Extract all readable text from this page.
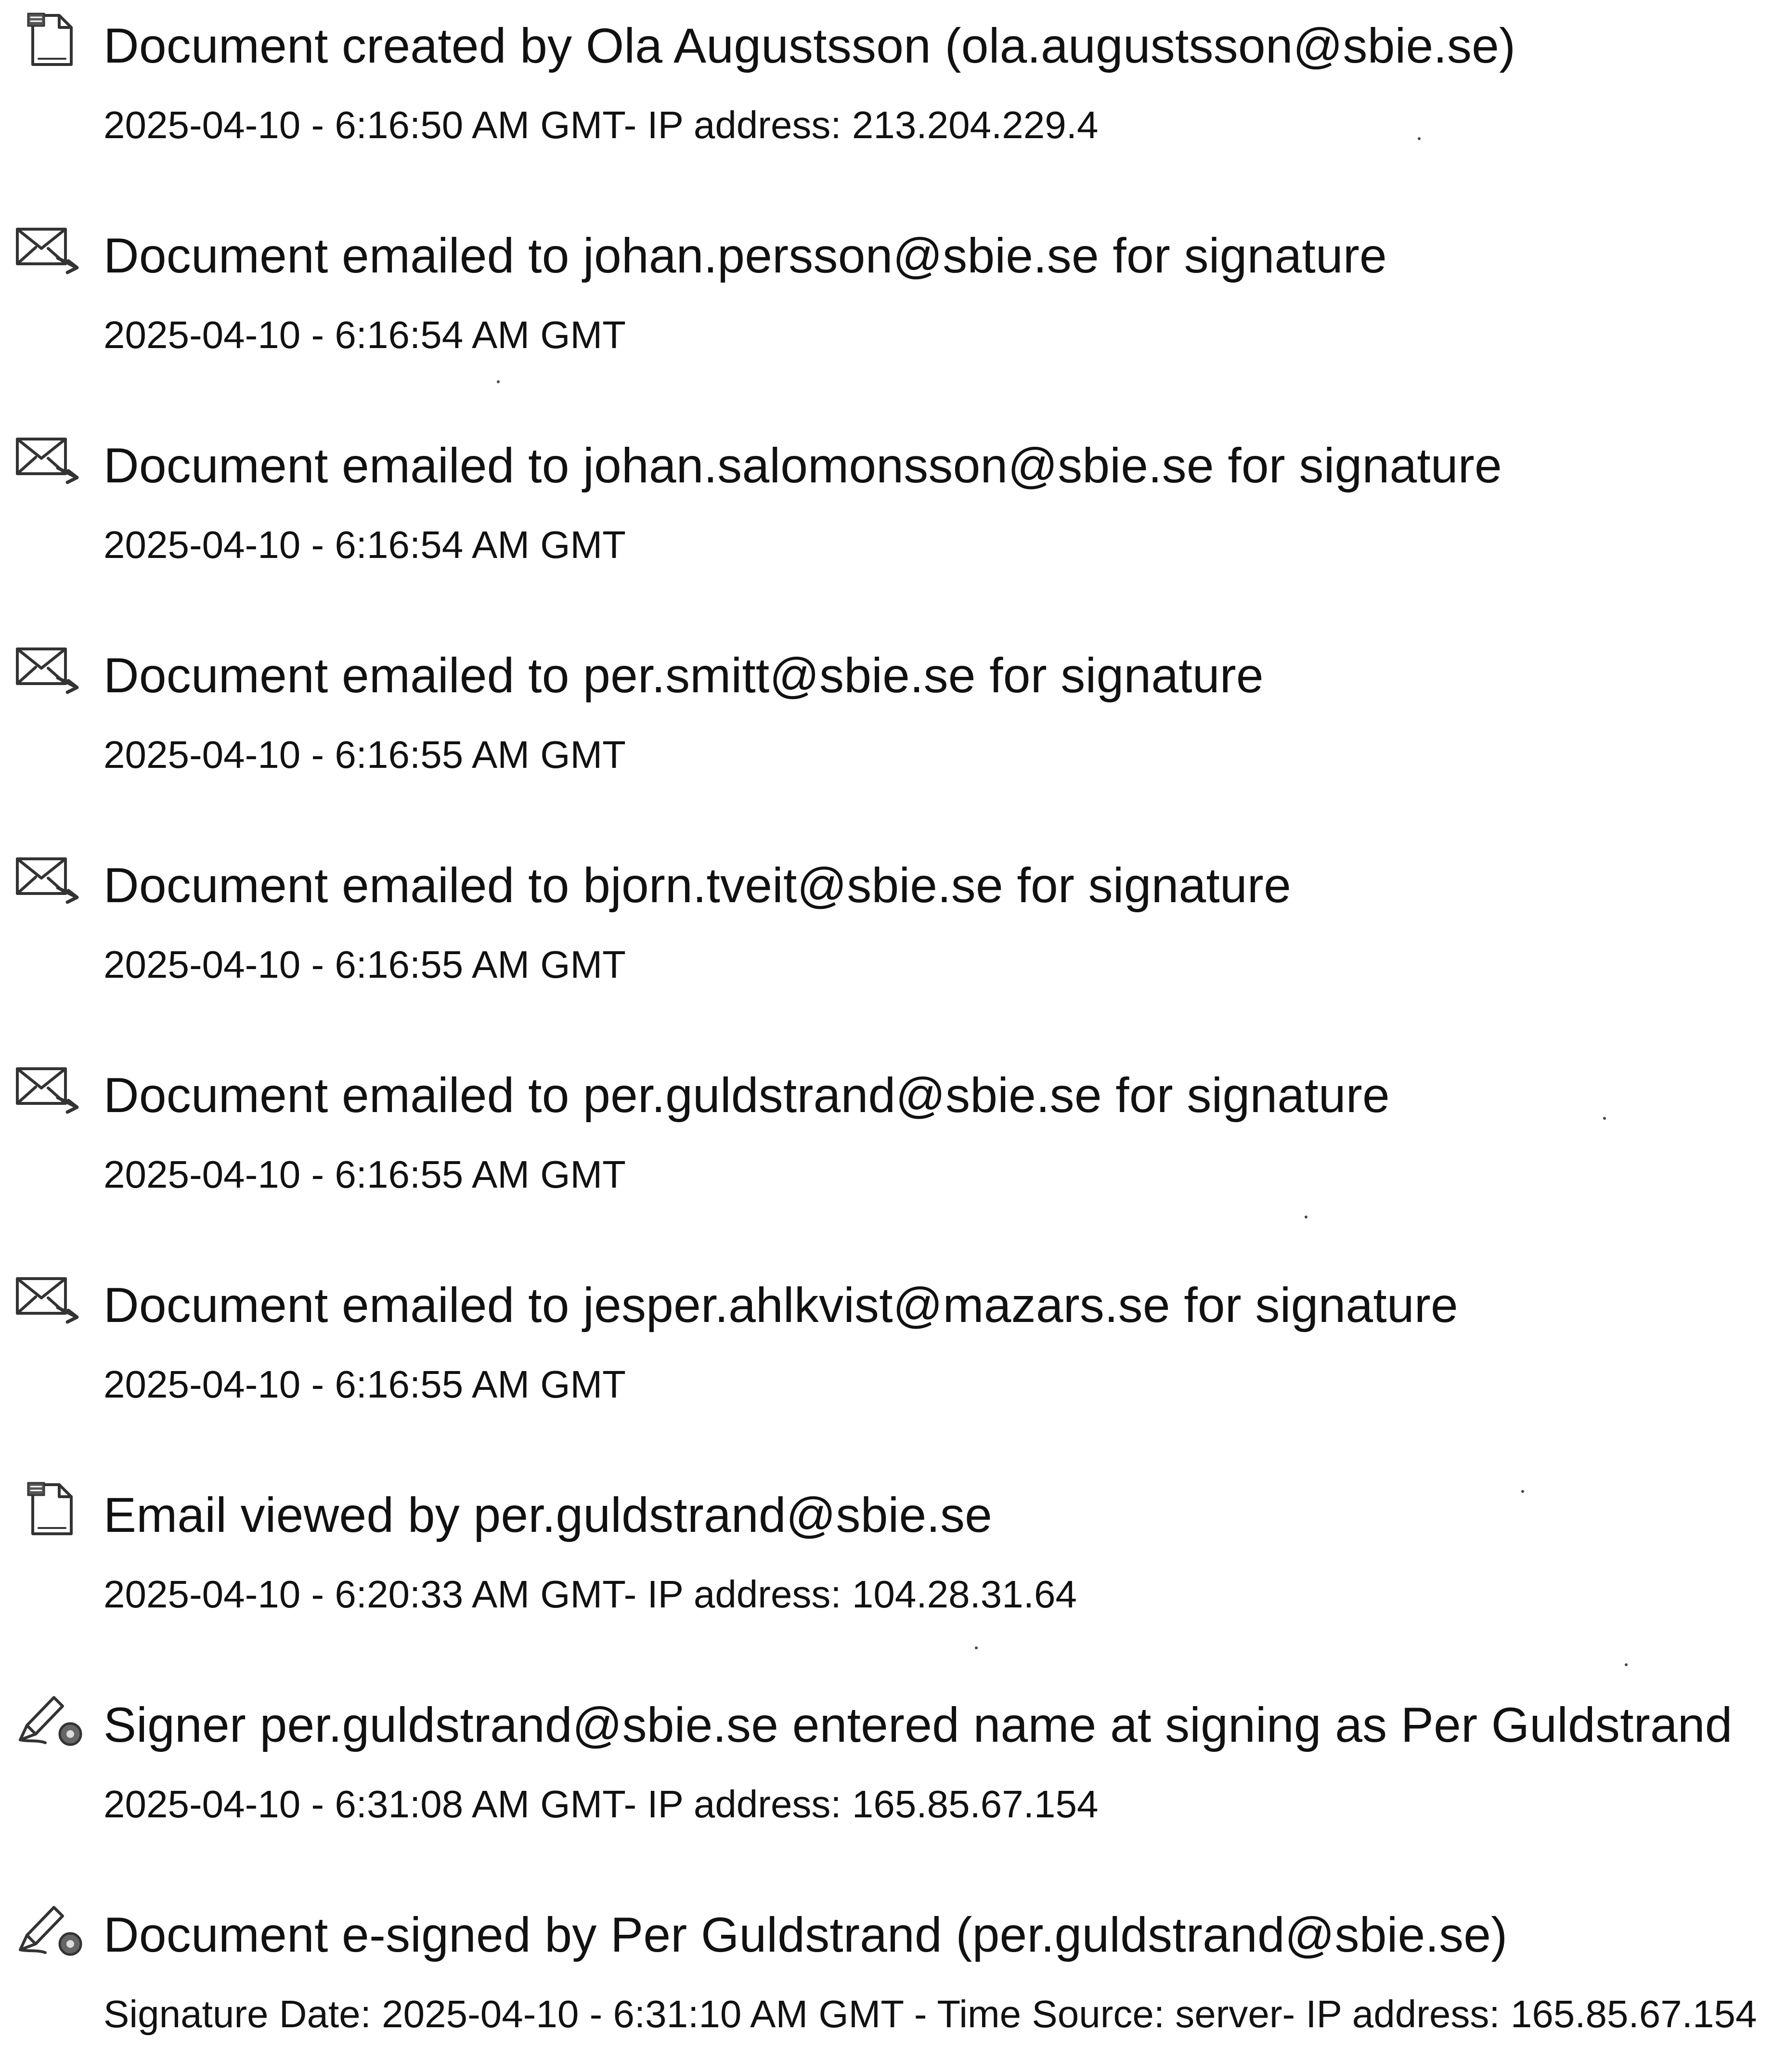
Document created by Ola Augustsson (ola.augustsson@sbie.se)
2025-04-10 - 6:16:50 AM GMT- IP address: 213.204.229.4
Document emailed to johan.persson@sbie.se for signature
2025-04-10 - 6:16:54 AM GMT
Document emailed to johan.salomonsson@sbie.se for signature
2025-04-10 - 6:16:54 AM GMT
Document emailed to per.smitt@sbie.se for signature
2025-04-10 - 6:16:55 AM GMT
Document emailed to bjorn.tveit@sbie.se for signature
2025-04-10 - 6:16:55 AM GMT
Document emailed to per.guldstrand@sbie.se for signature
2025-04-10 - 6:16:55 AM GMT
Document emailed to jesper.ahlkvist@mazars.se for signature
2025-04-10 - 6:16:55 AM GMT
Email viewed by per.guldstrand@sbie.se
2025-04-10 - 6:20:33 AM GMT- IP address: 104.28.31.64
Signer per.guldstrand@sbie.se entered name at signing as Per Guldstrand
2025-04-10 - 6:31:08 AM GMT- IP address: 165.85.67.154
Document e-signed by Per Guldstrand (per.guldstrand@sbie.se)
Signature Date: 2025-04-10 - 6:31:10 AM GMT - Time Source: server- IP address: 165.85.67.154
